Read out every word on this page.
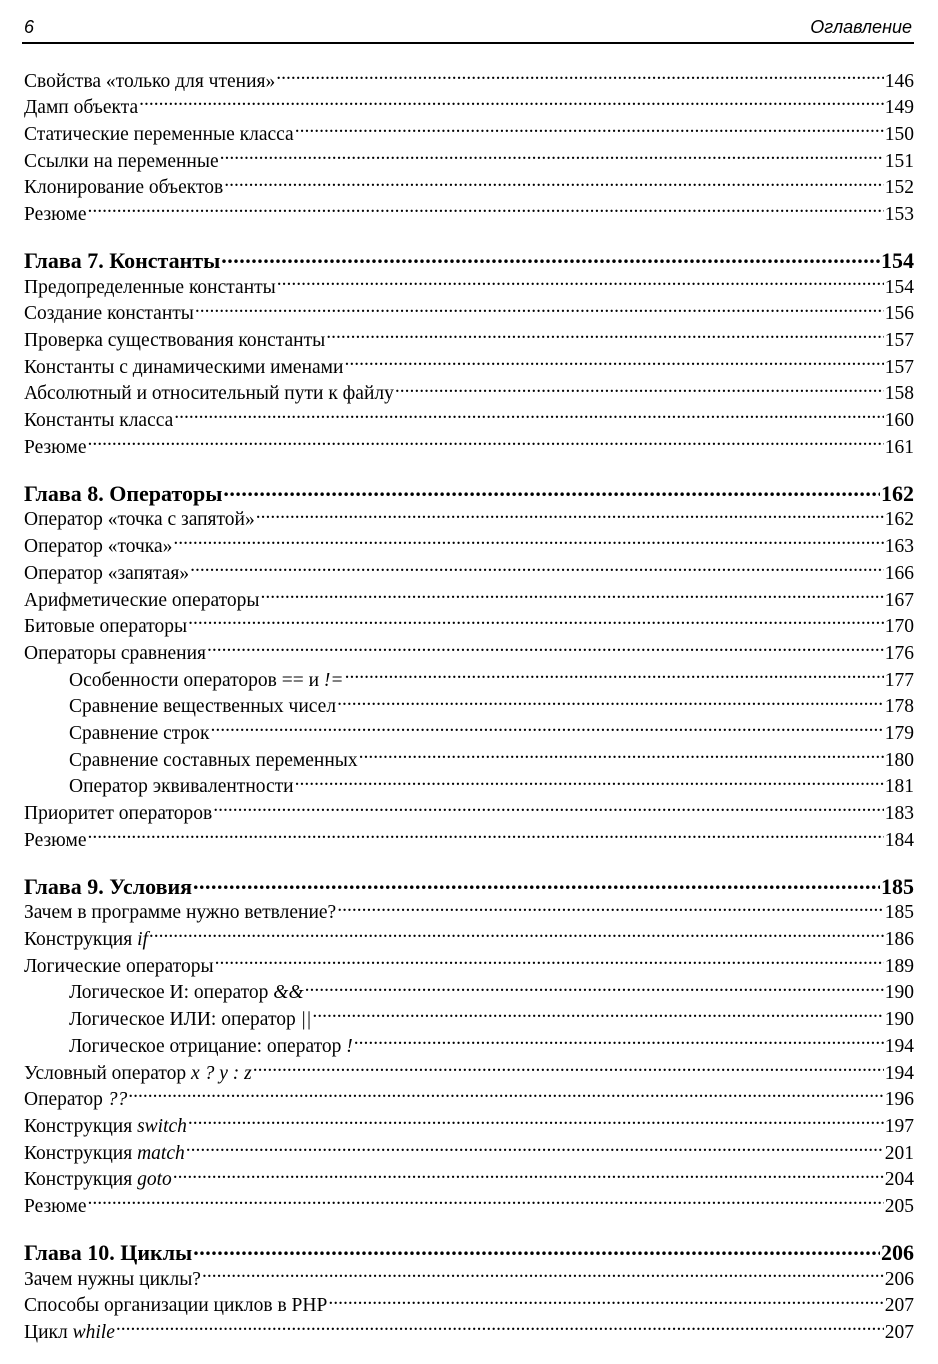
6	Оглавление
Свойства «только для чтения» .....	146
Дамп объекта .....	149
Статические переменные класса .....	150
Ссылки на переменные .....	151
Клонирование объектов .....	152
Резюме .....	153
Глава 7. Константы .....	154
Предопределенные константы .....	154
Создание константы .....	156
Проверка существования константы .....	157
Константы с динамическими именами .....	157
Абсолютный и относительный пути к файлу .....	158
Константы класса .....	160
Резюме .....	161
Глава 8. Операторы .....	162
Оператор «точка с запятой» .....	162
Оператор «точка» .....	163
Оператор «запятая» .....	166
Арифметические операторы .....	167
Битовые операторы .....	170
Операторы сравнения .....	176
Особенности операторов == и != .....	177
Сравнение вещественных чисел .....	178
Сравнение строк .....	179
Сравнение составных переменных .....	180
Оператор эквивалентности .....	181
Приоритет операторов .....	183
Резюме .....	184
Глава 9. Условия .....	185
Зачем в программе нужно ветвление? .....	185
Конструкция if .....	186
Логические операторы .....	189
Логическое И: оператор && .....	190
Логическое ИЛИ: оператор || .....	190
Логическое отрицание: оператор ! .....	194
Условный оператор x ? y : z .....	194
Оператор ?? .....	196
Конструкция switch .....	197
Конструкция match .....	201
Конструкция goto .....	204
Резюме .....	205
Глава 10. Циклы .....	206
Зачем нужны циклы? .....	206
Способы организации циклов в PHP .....	207
Цикл while .....	207
